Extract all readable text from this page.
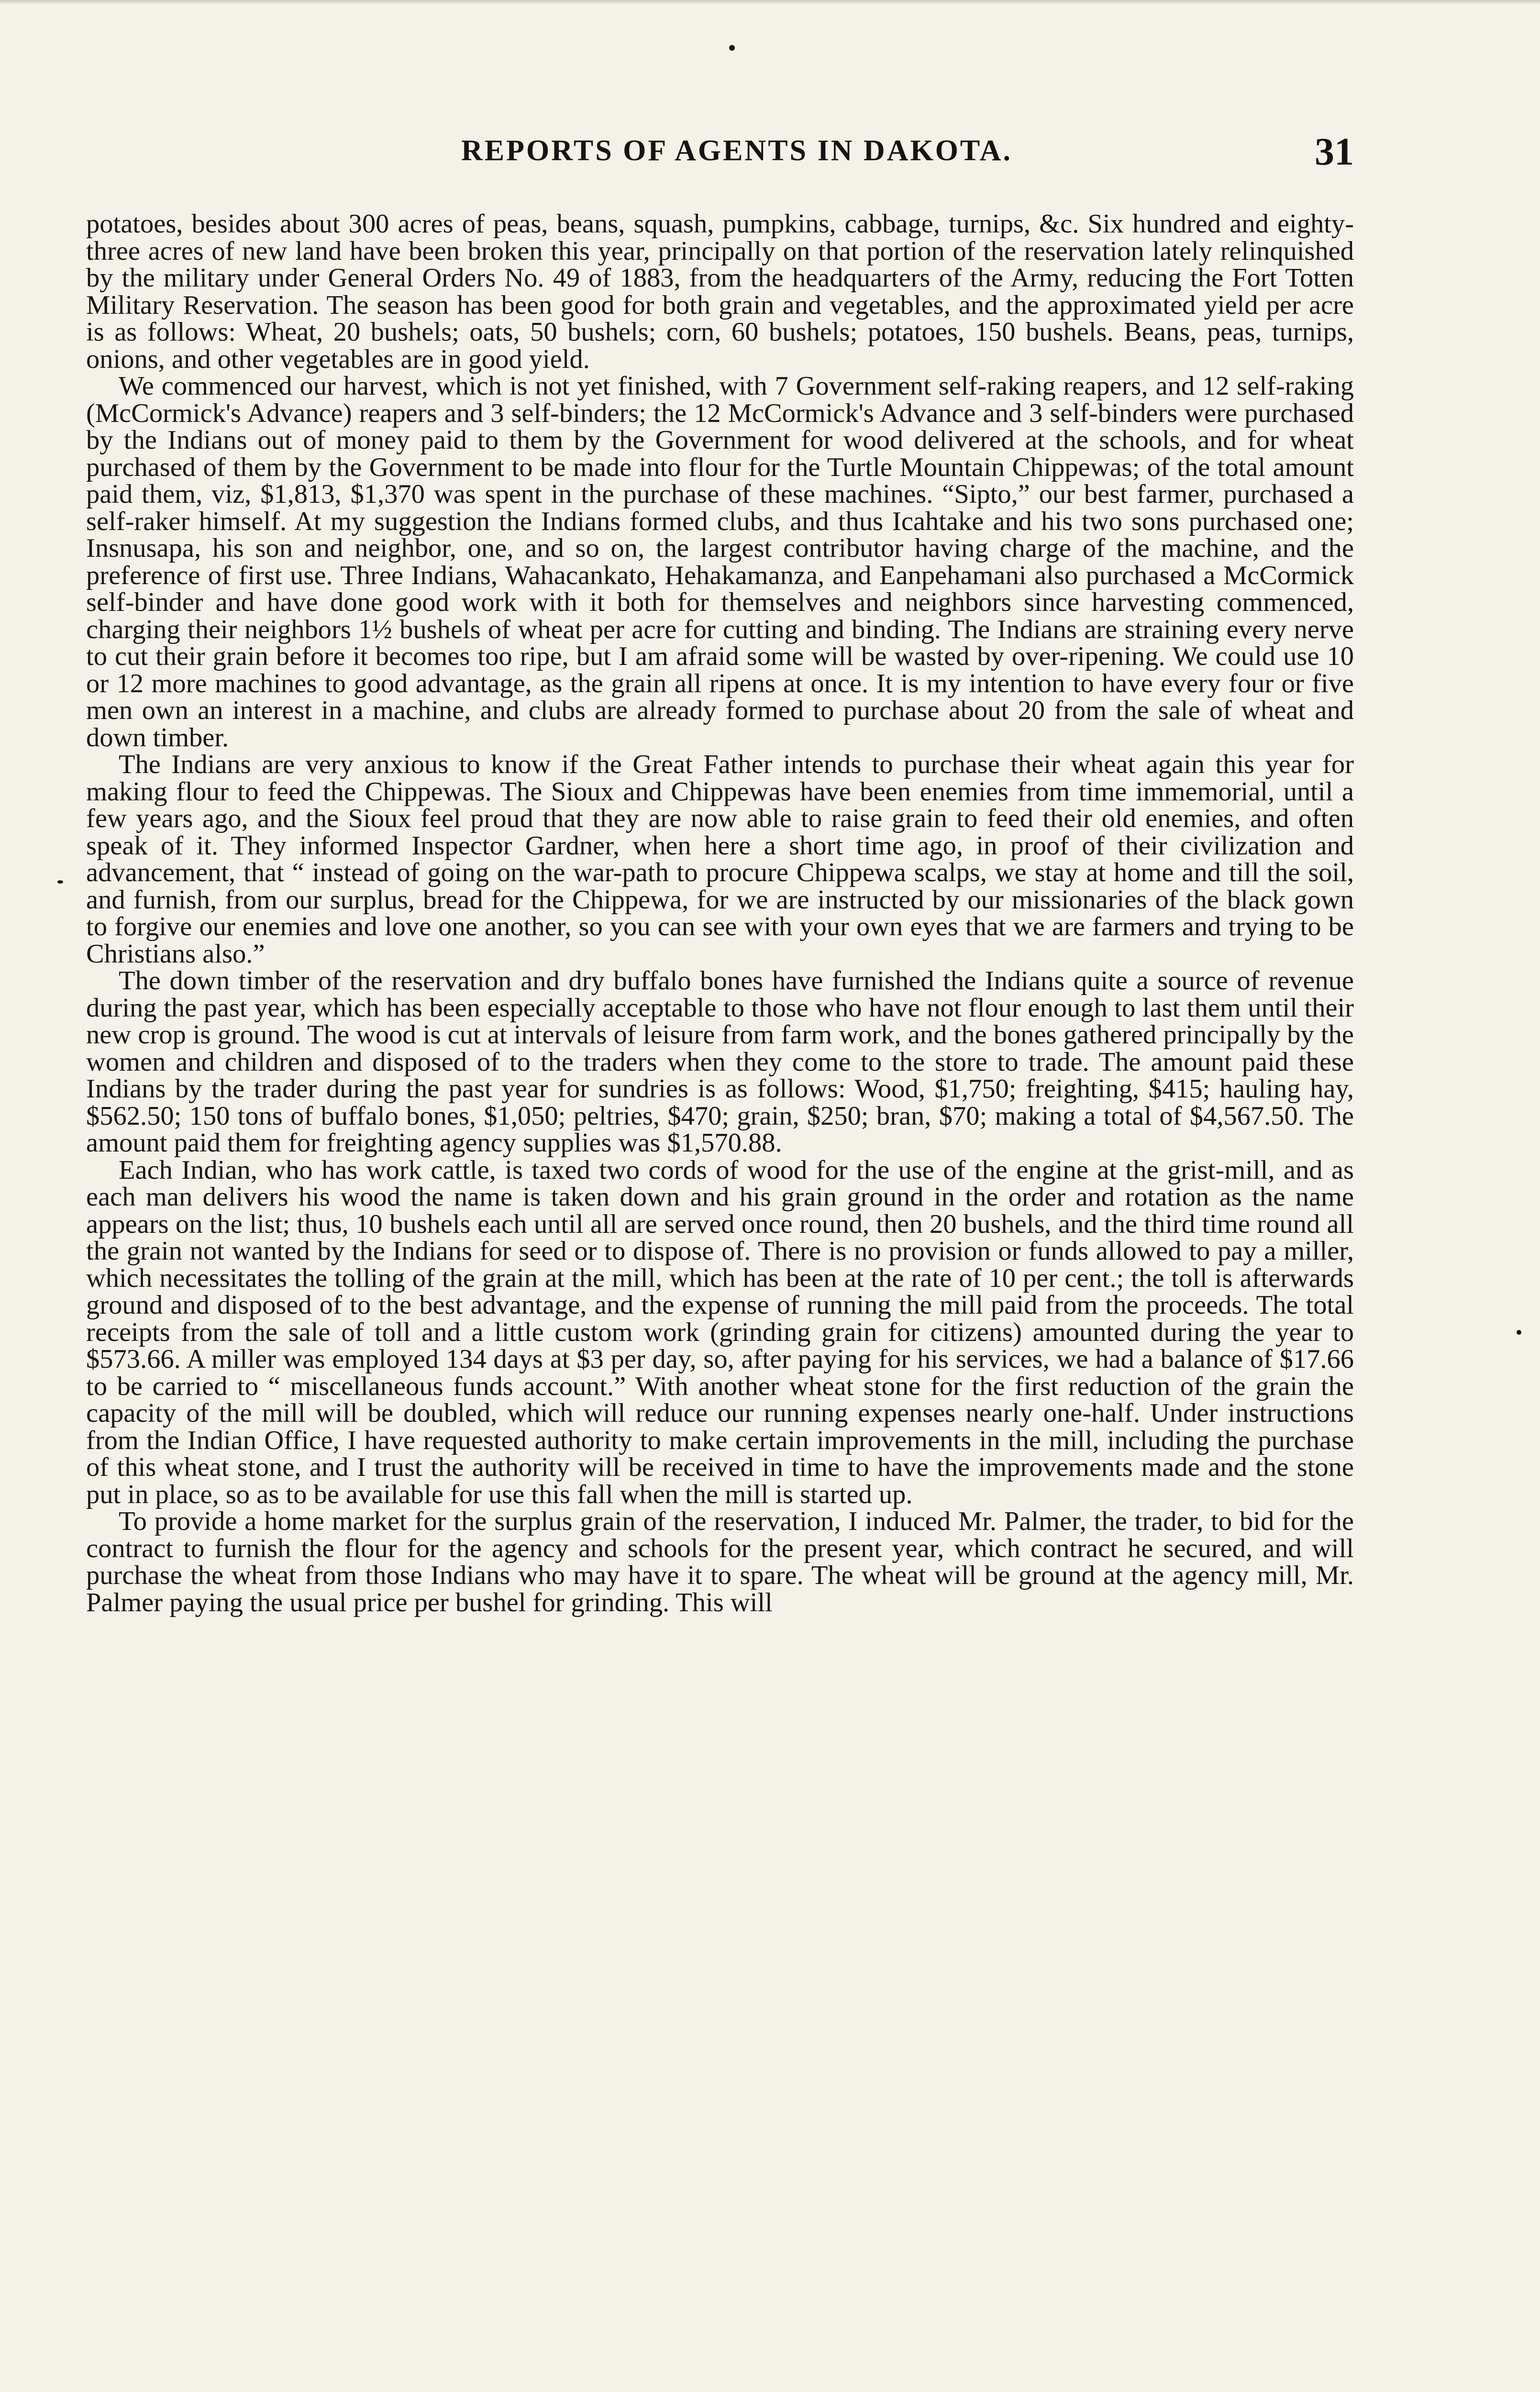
REPORTS OF AGENTS IN DAKOTA.	31

potatoes, besides about 300 acres of peas, beans, squash, pumpkins, cabbage, turnips, &c. Six hundred and eighty-three acres of new land have been broken this year, principally on that portion of the reservation lately relinquished by the military under General Orders No. 49 of 1883, from the headquarters of the Army, reducing the Fort Totten Military Reservation. The season has been good for both grain and vegetables, and the approximated yield per acre is as follows: Wheat, 20 bushels; oats, 50 bushels; corn, 60 bushels; potatoes, 150 bushels. Beans, peas, turnips, onions, and other vegetables are in good yield.

We commenced our harvest, which is not yet finished, with 7 Government self-raking reapers, and 12 self-raking (McCormick's Advance) reapers and 3 self-binders; the 12 McCormick's Advance and 3 self-binders were purchased by the Indians out of money paid to them by the Government for wood delivered at the schools, and for wheat purchased of them by the Government to be made into flour for the Turtle Mountain Chippewas; of the total amount paid them, viz, $1,813, $1,370 was spent in the purchase of these machines. “Sipto,” our best farmer, purchased a self-raker himself. At my suggestion the Indians formed clubs, and thus Icahtake and his two sons purchased one; Insnusapa, his son and neighbor, one, and so on, the largest contributor having charge of the machine, and the preference of first use. Three Indians, Wahacankato, Hehakamanza, and Eanpehamani also purchased a McCormick self-binder and have done good work with it both for themselves and neighbors since harvesting commenced, charging their neighbors 1½ bushels of wheat per acre for cutting and binding. The Indians are straining every nerve to cut their grain before it becomes too ripe, but I am afraid some will be wasted by over-ripening. We could use 10 or 12 more machines to good advantage, as the grain all ripens at once. It is my intention to have every four or five men own an interest in a machine, and clubs are already formed to purchase about 20 from the sale of wheat and down timber.

The Indians are very anxious to know if the Great Father intends to purchase their wheat again this year for making flour to feed the Chippewas. The Sioux and Chippewas have been enemies from time immemorial, until a few years ago, and the Sioux feel proud that they are now able to raise grain to feed their old enemies, and often speak of it. They informed Inspector Gardner, when here a short time ago, in proof of their civilization and advancement, that “ instead of going on the war-path to procure Chippewa scalps, we stay at home and till the soil, and furnish, from our surplus, bread for the Chippewa, for we are instructed by our missionaries of the black gown to forgive our enemies and love one another, so you can see with your own eyes that we are farmers and trying to be Christians also.”

The down timber of the reservation and dry buffalo bones have furnished the Indians quite a source of revenue during the past year, which has been especially acceptable to those who have not flour enough to last them until their new crop is ground. The wood is cut at intervals of leisure from farm work, and the bones gathered principally by the women and children and disposed of to the traders when they come to the store to trade. The amount paid these Indians by the trader during the past year for sundries is as follows: Wood, $1,750; freighting, $415; hauling hay, $562.50; 150 tons of buffalo bones, $1,050; peltries, $470; grain, $250; bran, $70; making a total of $4,567.50. The amount paid them for freighting agency supplies was $1,570.88.

Each Indian, who has work cattle, is taxed two cords of wood for the use of the engine at the grist-mill, and as each man delivers his wood the name is taken down and his grain ground in the order and rotation as the name appears on the list; thus, 10 bushels each until all are served once round, then 20 bushels, and the third time round all the grain not wanted by the Indians for seed or to dispose of. There is no provision or funds allowed to pay a miller, which necessitates the tolling of the grain at the mill, which has been at the rate of 10 per cent.; the toll is afterwards ground and disposed of to the best advantage, and the expense of running the mill paid from the proceeds. The total receipts from the sale of toll and a little custom work (grinding grain for citizens) amounted during the year to $573.66. A miller was employed 134 days at $3 per day, so, after paying for his services, we had a balance of $17.66 to be carried to “ miscellaneous funds account.” With another wheat stone for the first reduction of the grain the capacity of the mill will be doubled, which will reduce our running expenses nearly one-half. Under instructions from the Indian Office, I have requested authority to make certain improvements in the mill, including the purchase of this wheat stone, and I trust the authority will be received in time to have the improvements made and the stone put in place, so as to be available for use this fall when the mill is started up.

To provide a home market for the surplus grain of the reservation, I induced Mr. Palmer, the trader, to bid for the contract to furnish the flour for the agency and schools for the present year, which contract he secured, and will purchase the wheat from those Indians who may have it to spare. The wheat will be ground at the agency mill, Mr. Palmer paying the usual price per bushel for grinding. This will
